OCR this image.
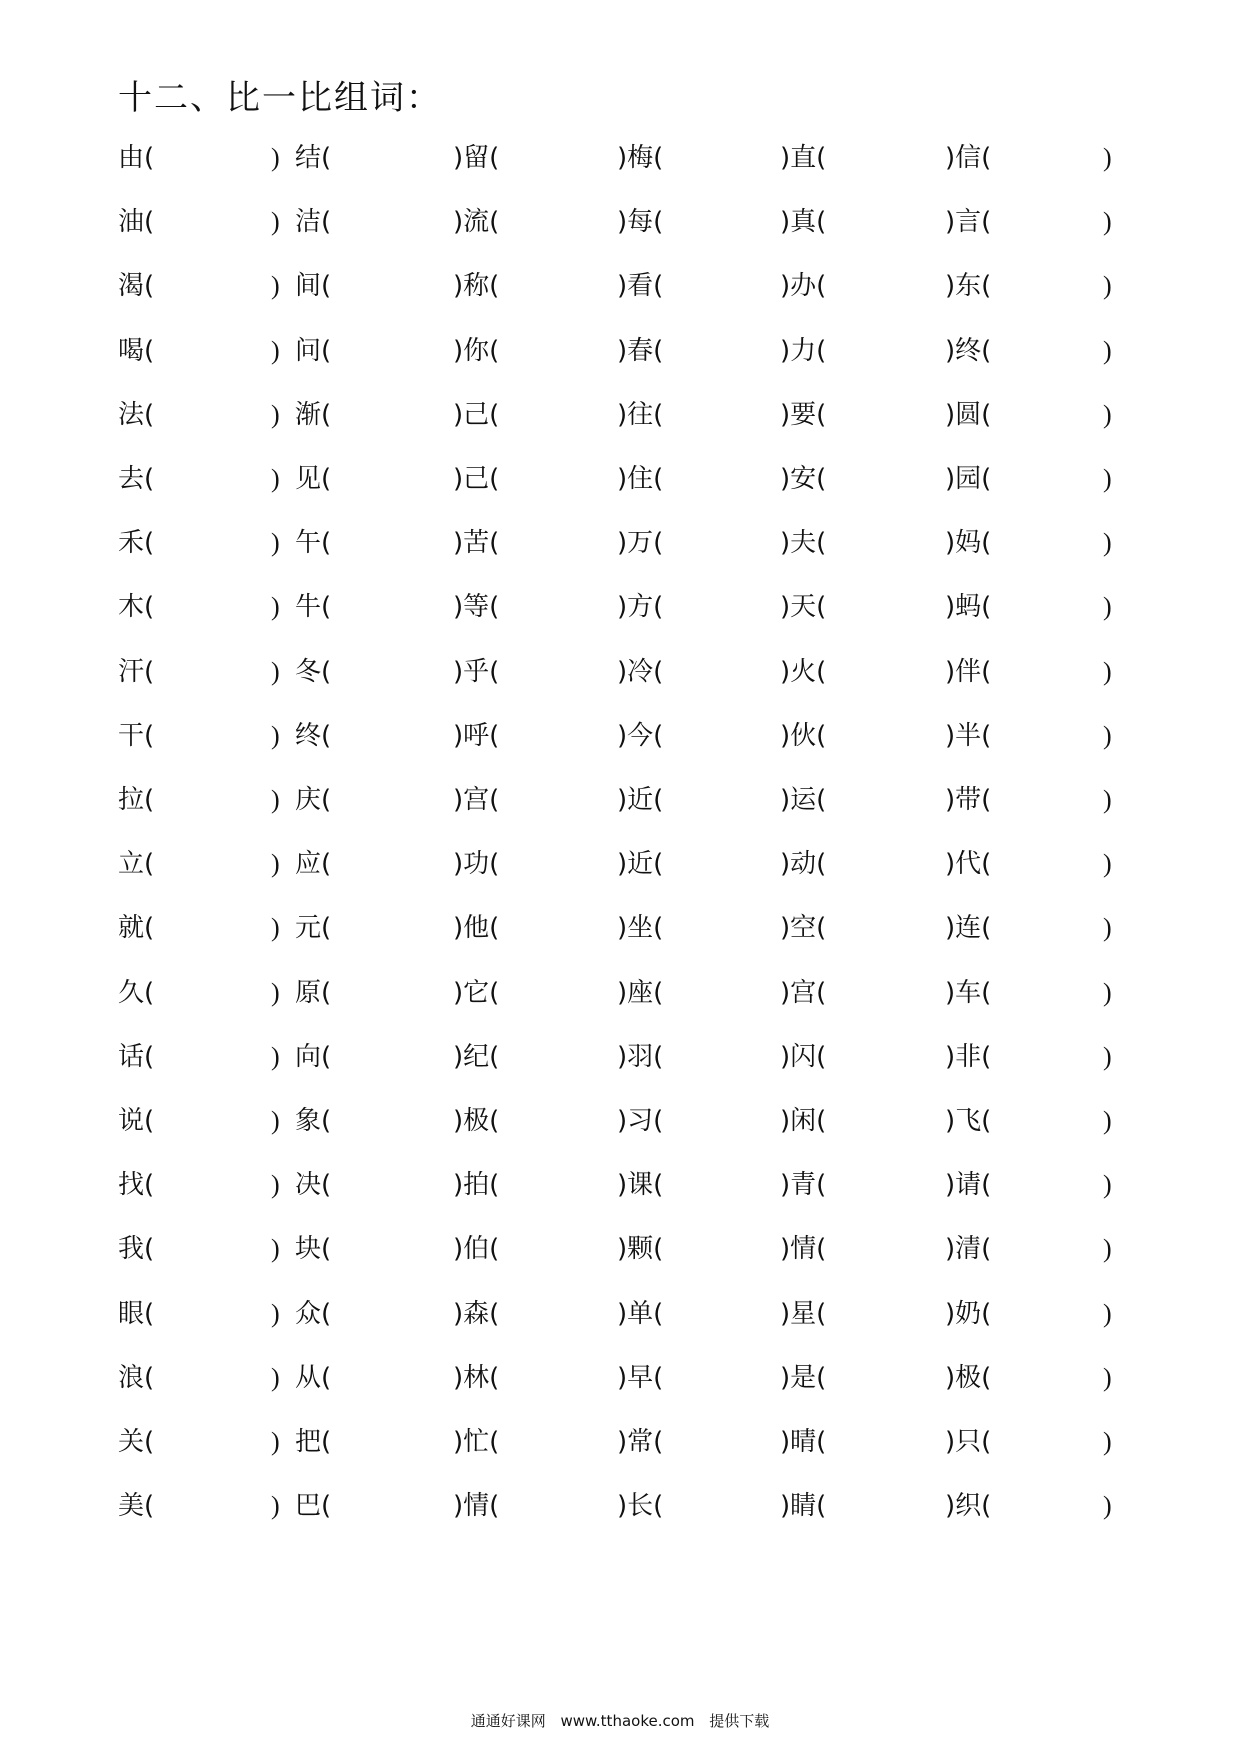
十二、比一比组词：
由(	) 结(	)留(	)梅(	)直(	)信(	)
油(	) 洁(	)流(	)每(	)真(	)言(	)
渴(	) 间(	)称(	)看(	)办(	)东(	)
喝(	) 问(	)你(	)春(	)力(	)终(	)
法(	) 渐(	)己(	)往(	)要(	)圆(	)
去(	) 见(	)己(	)住(	)安(	)园(	)
禾(	) 午(	)苦(	)万(	)夫(	)妈(	)
木(	) 牛(	)等(	)方(	)天(	)蚂(	)
汗(	) 冬(	)乎(	)冷(	)火(	)伴(	)
干(	) 终(	)呼(	)今(	)伙(	)半(	)
拉(	) 庆(	)宫(	)近(	)运(	)带(	)
立(	) 应(	)功(	)近(	)动(	)代(	)
就(	) 元(	)他(	)坐(	)空(	)连(	)
久(	) 原(	)它(	)座(	)宫(	)车(	)
话(	) 向(	)纪(	)羽(	)闪(	)非(	)
说(	) 象(	)极(	)习(	)闲(	)飞(	)
找(	) 决(	)拍(	)课(	)青(	)请(	)
我(	) 块(	)伯(	)颗(	)情(	)清(	)
眼(	) 众(	)森(	)单(	)星(	)奶(	)
浪(	) 从(	)林(	)早(	)是(	)极(	)
关(	) 把(	)忙(	)常(	)晴(	)只(	)
美(	) 巴(	)情(	)长(	)睛(	)织(	)
通通好课网 www.tthaoke.com 提供下载
